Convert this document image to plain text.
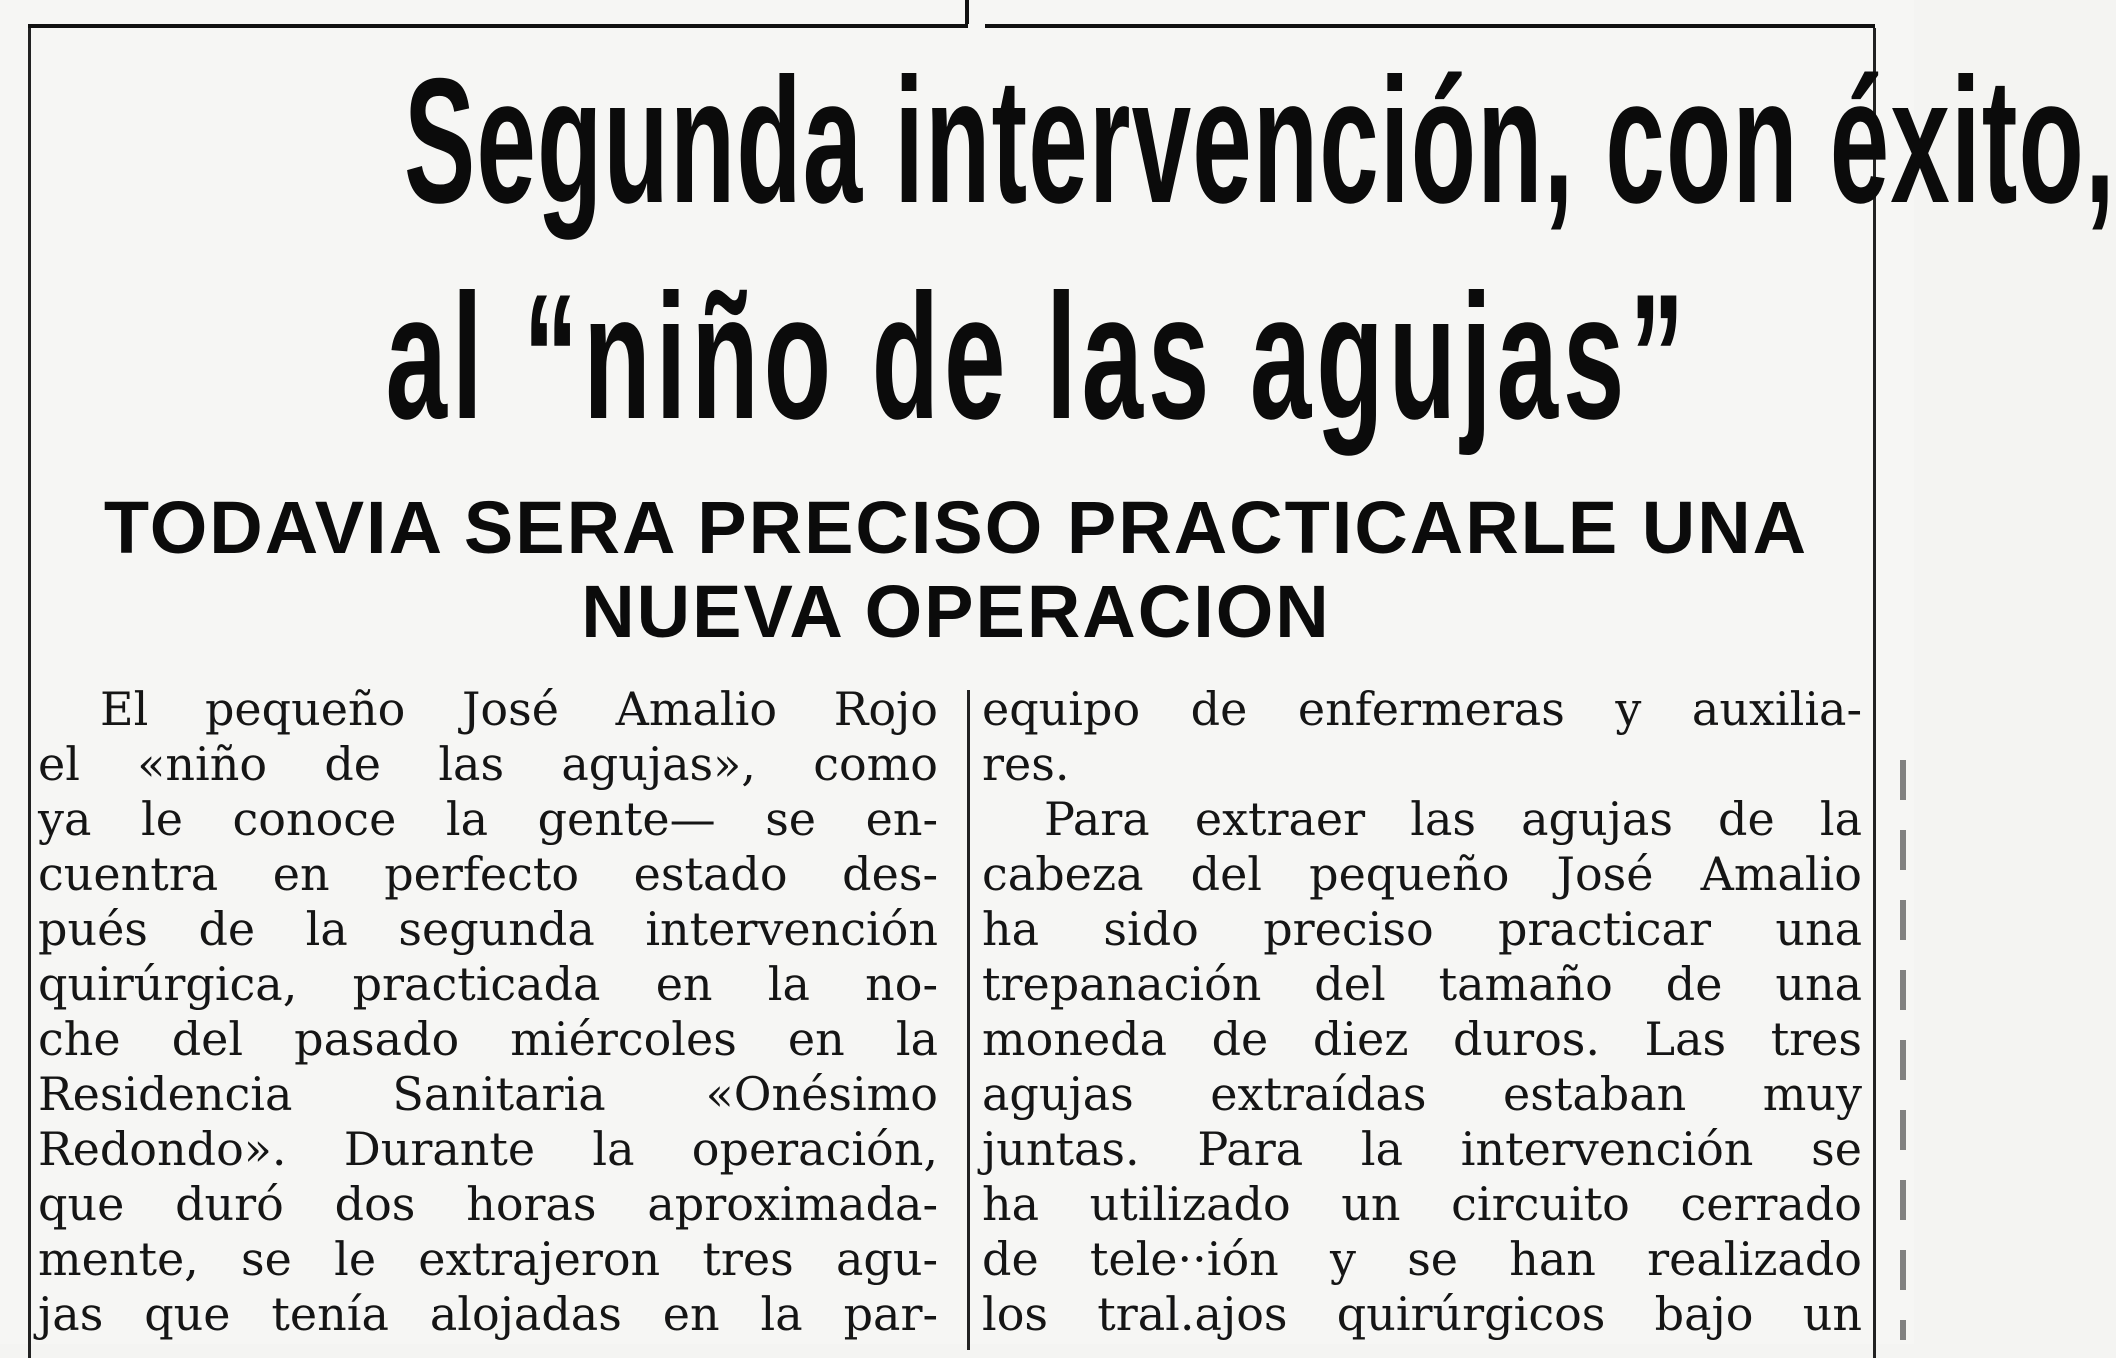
Segunda intervención, con éxito,
al “niño de las agujas”
TODAVIA SERA PRECISO PRACTICARLE UNA
NUEVA OPERACION
El pequeño José Amalio Rojo
el «niño de las agujas», como
ya le conoce la gente— se en-
cuentra en perfecto estado des-
pués de la segunda intervención
quirúrgica, practicada en la no-
che del pasado miércoles en la
Residencia Sanitaria «Onésimo
Redondo». Durante la operación,
que duró dos horas aproximada-
mente, se le extrajeron tres agu-
jas que tenía alojadas en la par-
equipo de enfermeras y auxilia-
res.
Para extraer las agujas de la
cabeza del pequeño José Amalio
ha sido preciso practicar una
trepanación del tamaño de una
moneda de diez duros. Las tres
agujas extraídas estaban muy
juntas. Para la intervención se
ha utilizado un circuito cerrado
de tele··ión y se han realizado
los tral.ajos quirúrgicos bajo un
